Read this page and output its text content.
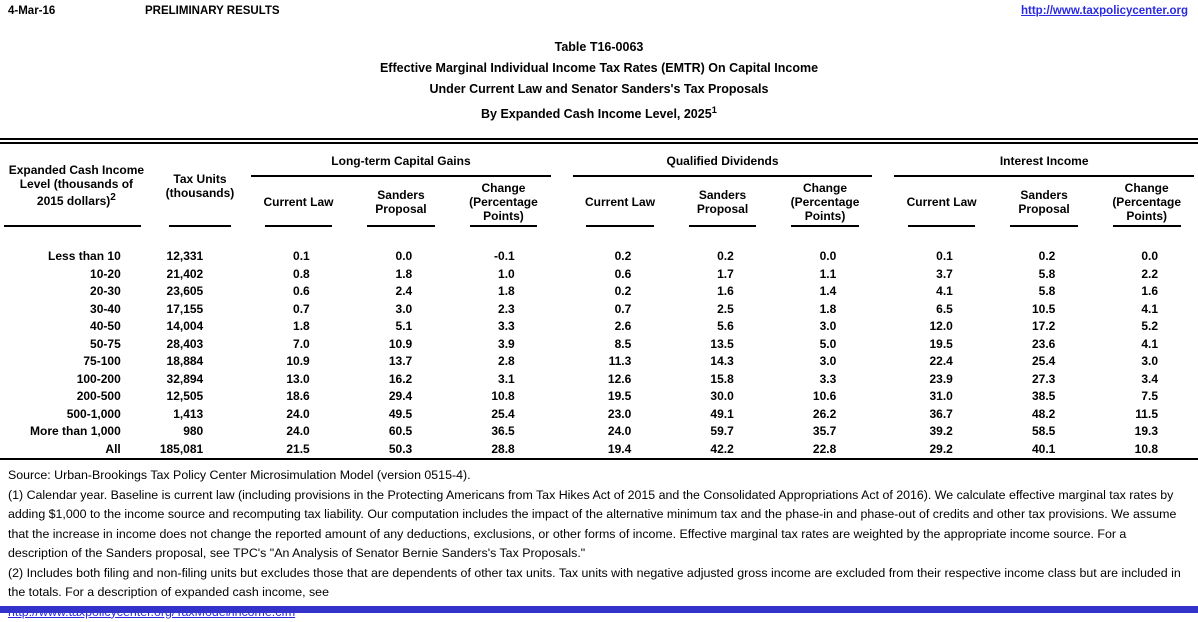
4-Mar-16	PRELIMINARY RESULTS	http://www.taxpolicycenter.org
Table T16-0063
Effective Marginal Individual Income Tax Rates (EMTR) On Capital Income
Under Current Law and Senator Sanders's Tax Proposals
By Expanded Cash Income Level, 2025$^1$
Expanded Cash Income Level (thousands of 2015 dollars)$^2$	Tax Units (thousands)	Long-term Capital Gains				Qualified Dividends				Interest Income		

		Current Law	Sanders Proposal	Change (Percentage Points)		Current Law	Sanders Proposal	Change (Percentage Points)		Current Law	Sanders Proposal	Change (Percentage Points)

Less than 10	12,331	0.1	0.0	-0.1		0.2	0.2	0.0		0.1	0.2	0.0
10-20	21,402	0.8	1.8	1.0		0.6	1.7	1.1		3.7	5.8	2.2
20-30	23,605	0.6	2.4	1.8		0.2	1.6	1.4		4.1	5.8	1.6
30-40	17,155	0.7	3.0	2.3		0.7	2.5	1.8		6.5	10.5	4.1
40-50	14,004	1.8	5.1	3.3		2.6	5.6	3.0		12.0	17.2	5.2
50-75	28,403	7.0	10.9	3.9		8.5	13.5	5.0		19.5	23.6	4.1
75-100	18,884	10.9	13.7	2.8		11.3	14.3	3.0		22.4	25.4	3.0
100-200	32,894	13.0	16.2	3.1		12.6	15.8	3.3		23.9	27.3	3.4
200-500	12,505	18.6	29.4	10.8		19.5	30.0	10.6		31.0	38.5	7.5
500-1,000	1,413	24.0	49.5	25.4		23.0	49.1	26.2		36.7	48.2	11.5
More than 1,000	980	24.0	60.5	36.5		24.0	59.7	35.7		39.2	58.5	19.3
All	185,081	21.5	50.3	28.8		19.4	42.2	22.8		29.2	40.1	10.8

Source: Urban-Brookings Tax Policy Center Microsimulation Model (version 0515-4).

(1) Calendar year. Baseline is current law (including provisions in the Protecting Americans from Tax Hikes Act of 2015 and the Consolidated Appropriations Act of 2016). We calculate effective marginal tax rates by adding $1,000 to the income source and recomputing tax liability. Our computation includes the impact of the alternative minimum tax and the phase-in and phase-out of credits and other tax provisions. We assume that the increase in income does not change the reported amount of any deductions, exclusions, or other forms of income. Effective marginal tax rates are weighted by the appropriate income source. For a description of the Sanders proposal, see TPC's "An Analysis of Senator Bernie Sanders's Tax Proposals."

(2) Includes both filing and non-filing units but excludes those that are dependents of other tax units. Tax units with negative adjusted gross income are excluded from their respective income class but are included in the totals. For a description of expanded cash income, see
